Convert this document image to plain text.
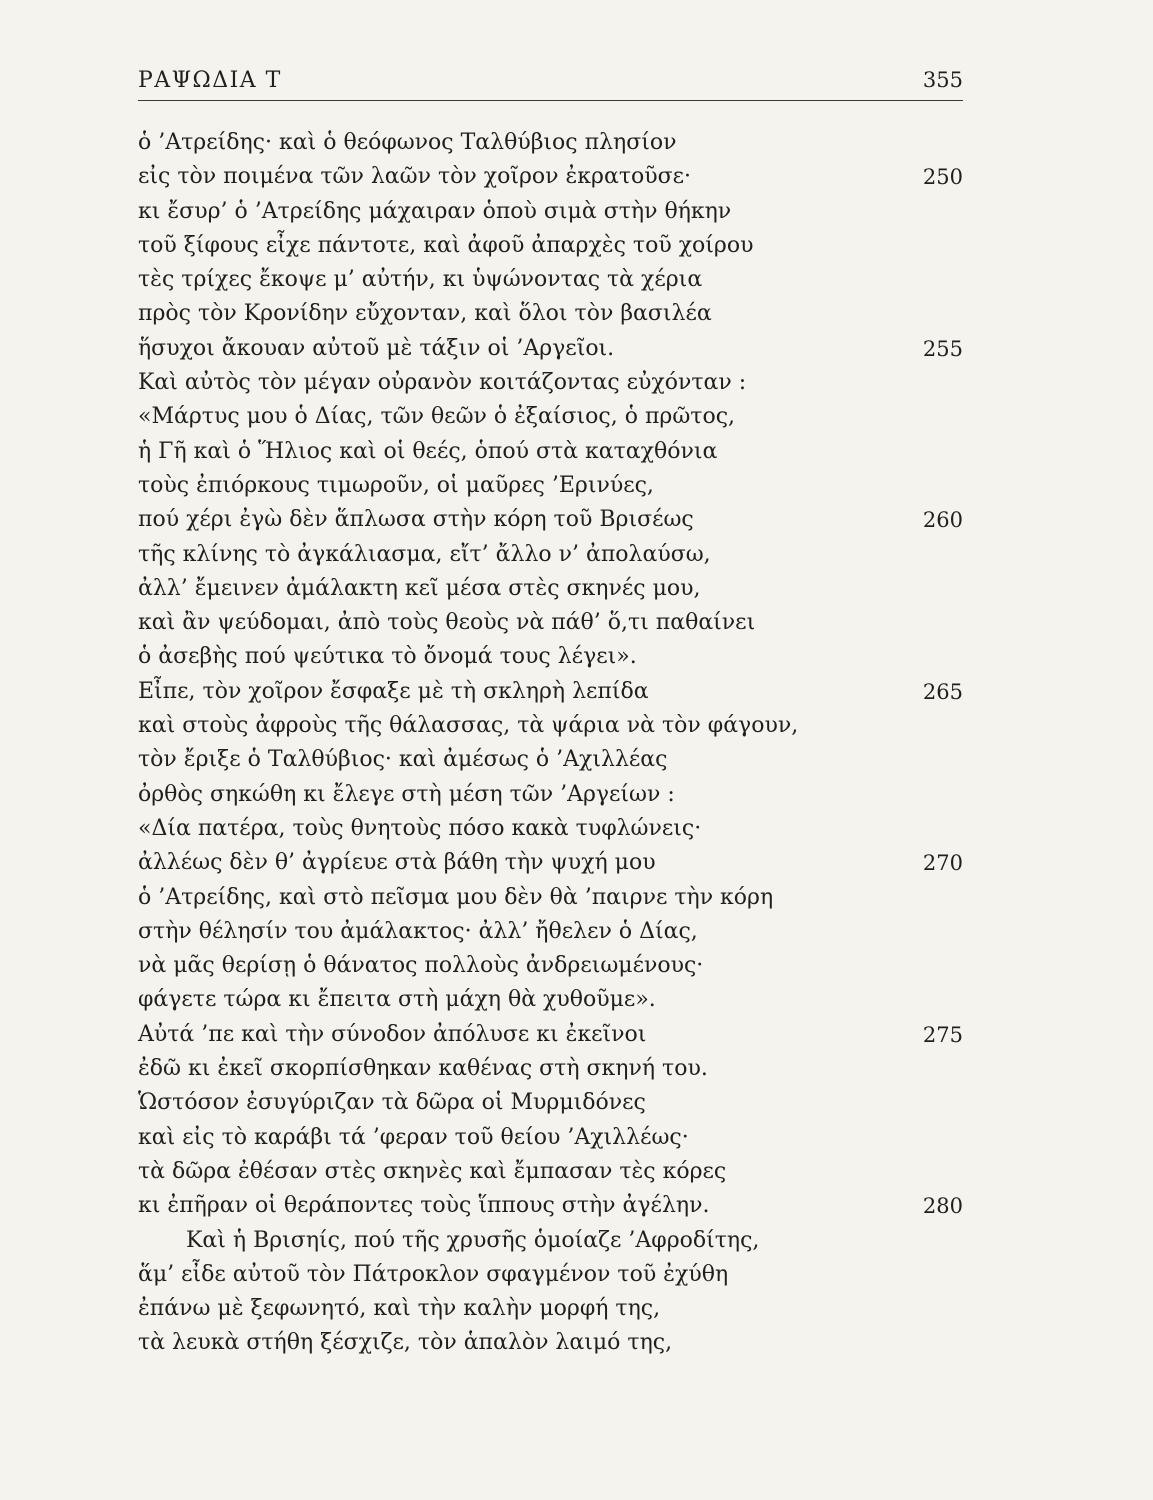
ΡΑΨΩΔΙΑ Τ	355
ὁ ’Ατρείδης· καὶ ὁ θεόφωνος Ταλθύβιος πλησίον
εἰς τὸν ποιμένα τῶν λαῶν τὸν χοῖρον ἐκρατοῦσε·	250
κι ἔσυρ’ ὁ ’Ατρείδης μάχαιραν ὁποὺ σιμὰ στὴν θήκην
τοῦ ξίφους εἶχε πάντοτε, καὶ ἀφοῦ ἀπαρχὲς τοῦ χοίρου
τὲς τρίχες ἔκοψε μ’ αὐτήν, κι ὑψώνοντας τὰ χέρια
πρὸς τὸν Κρονίδην εὔχονταν, καὶ ὅλοι τὸν βασιλέα
ἥσυχοι ἄκουαν αὐτοῦ μὲ τάξιν οἱ ’Αργεῖοι.	255
Καὶ αὐτὸς τὸν μέγαν οὐρανὸν κοιτάζοντας εὐχόνταν :
«Μάρτυς μου ὁ Δίας, τῶν θεῶν ὁ ἐξαίσιος, ὁ πρῶτος,
ἡ Γῆ καὶ ὁ Ἥλιος καὶ οἱ θεές, ὁπού στὰ καταχθόνια
τοὺς ἐπιόρκους τιμωροῦν, οἱ μαῦρες ’Ερινύες,
πού χέρι ἐγὼ δὲν ἅπλωσα στὴν κόρη τοῦ Βρισέως	260
τῆς κλίνης τὸ ἀγκάλιασμα, εἴτ’ ἄλλο ν’ ἀπολαύσω,
ἀλλ’ ἔμεινεν ἀμάλακτη κεῖ μέσα στὲς σκηνές μου,
καὶ ἂν ψεύδομαι, ἀπὸ τοὺς θεοὺς νὰ πάθ’ ὅ,τι παθαίνει
ὁ ἀσεβὴς πού ψεύτικα τὸ ὄνομά τους λέγει».
Εἶπε, τὸν χοῖρον ἔσφαξε μὲ τὴ σκληρὴ λεπίδα	265
καὶ στοὺς ἀφροὺς τῆς θάλασσας, τὰ ψάρια νὰ τὸν φάγουν,
τὸν ἔριξε ὁ Ταλθύβιος· καὶ ἀμέσως ὁ ’Αχιλλέας
ὀρθὸς σηκώθη κι ἔλεγε στὴ μέση τῶν ’Αργείων :
«Δία πατέρα, τοὺς θνητοὺς πόσο κακὰ τυφλώνεις·
ἀλλέως δὲν θ’ ἀγρίευε στὰ βάθη τὴν ψυχή μου	270
ὁ ’Ατρείδης, καὶ στὸ πεῖσμα μου δὲν θὰ ’παιρνε τὴν κόρη
στὴν θέλησίν του ἀμάλακτος· ἀλλ’ ἤθελεν ὁ Δίας,
νὰ μᾶς θερίσῃ ὁ θάνατος πολλοὺς ἀνδρειωμένους·
φάγετε τώρα κι ἔπειτα στὴ μάχη θὰ χυθοῦμε».
Αὐτά ’πε καὶ τὴν σύνοδον ἀπόλυσε κι ἐκεῖνοι	275
ἐδῶ κι ἐκεῖ σκορπίσθηκαν καθένας στὴ σκηνή του.
Ὡστόσον ἐσυγύριζαν τὰ δῶρα οἱ Μυρμιδόνες
καὶ εἰς τὸ καράβι τά ’φεραν τοῦ θείου ’Αχιλλέως·
τὰ δῶρα ἐθέσαν στὲς σκηνὲς καὶ ἔμπασαν τὲς κόρες
κι ἐπῆραν οἱ θεράποντες τοὺς ἵππους στὴν ἀγέλην.	280
Καὶ ἡ Βρισηίς, πού τῆς χρυσῆς ὁμοίαζε ’Αφροδίτης,
ἅμ’ εἶδε αὐτοῦ τὸν Πάτροκλον σφαγμένον τοῦ ἐχύθη
ἐπάνω μὲ ξεφωνητό, καὶ τὴν καλὴν μορφή της,
τὰ λευκὰ στήθη ξέσχιζε, τὸν ἁπαλὸν λαιμό της,
